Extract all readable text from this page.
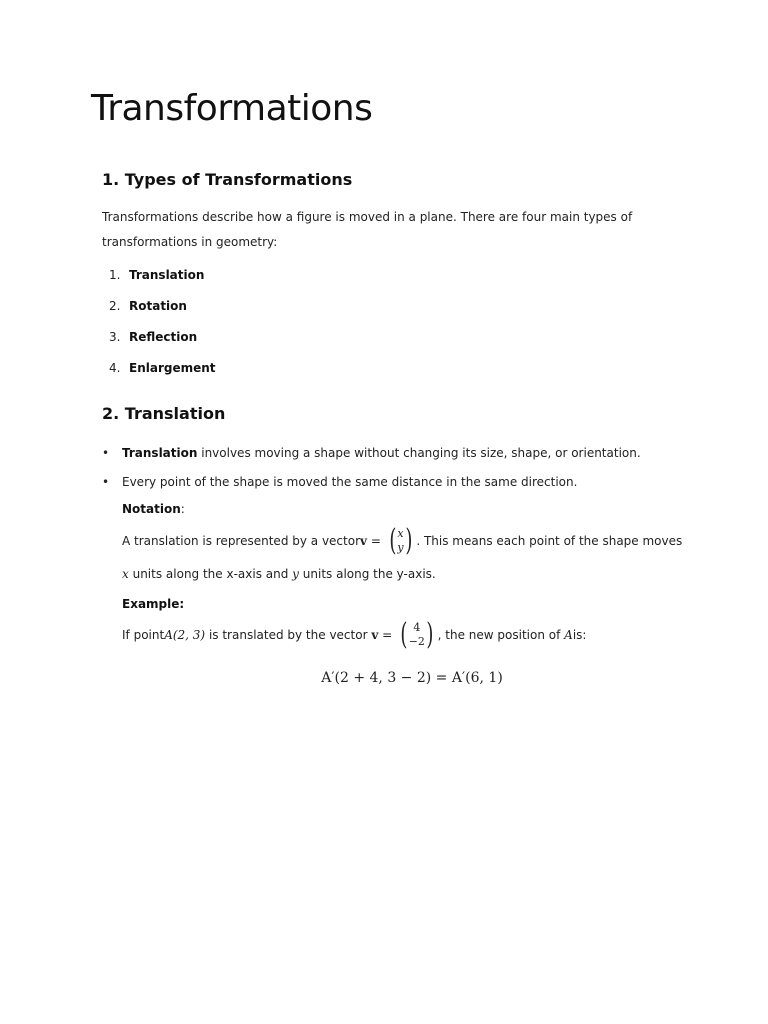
Transformations
1. Types of Transformations

Transformations describe how a figure is moved in a plane. There are four main types of transformations in geometry:

1. Translation
2. Rotation
3. Reflection
4. Enlargement
2. Translation
• Translation involves moving a shape without changing its size, shape, or orientation.
• Every point of the shape is moved the same distance in the same direction.
Notation:
A translation is represented by a vector v = ( x
y ) . This means each point of the shape moves
x units along the x-axis and y units along the y-axis.
Example:
If point A(2, 3) is translated by the vector v = ( 4
−2 ) , the new position of A is:
A′(2 + 4, 3 − 2) = A′(6, 1)
